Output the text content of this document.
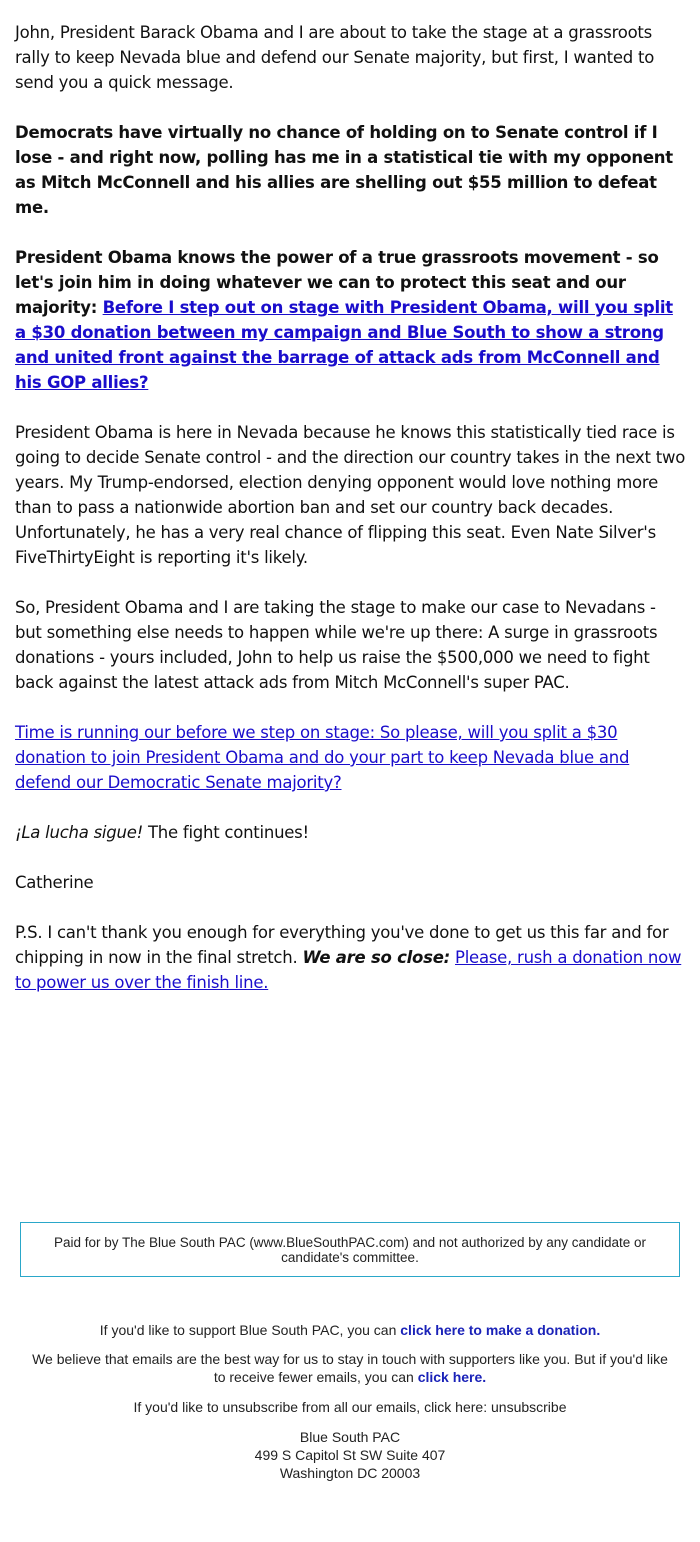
John, President Barack Obama and I are about to take the stage at a grassroots rally to keep Nevada blue and defend our Senate majority, but first, I wanted to send you a quick message.

Democrats have virtually no chance of holding on to Senate control if I lose - and right now, polling has me in a statistical tie with my opponent as Mitch McConnell and his allies are shelling out $55 million to defeat me.

President Obama knows the power of a true grassroots movement - so let's join him in doing whatever we can to protect this seat and our majority: Before I step out on stage with President Obama, will you split a $30 donation between my campaign and Blue South to show a strong and united front against the barrage of attack ads from McConnell and his GOP allies?

President Obama is here in Nevada because he knows this statistically tied race is going to decide Senate control - and the direction our country takes in the next two years. My Trump-endorsed, election denying opponent would love nothing more than to pass a nationwide abortion ban and set our country back decades. Unfortunately, he has a very real chance of flipping this seat. Even Nate Silver's FiveThirtyEight is reporting it's likely.

So, President Obama and I are taking the stage to make our case to Nevadans - but something else needs to happen while we're up there: A surge in grassroots donations - yours included, John to help us raise the $500,000 we need to fight back against the latest attack ads from Mitch McConnell's super PAC.

Time is running our before we step on stage: So please, will you split a $30 donation to join President Obama and do your part to keep Nevada blue and defend our Democratic Senate majority?

¡La lucha sigue! The fight continues!

Catherine

P.S. I can't thank you enough for everything you've done to get us this far and for chipping in now in the final stretch. We are so close: Please, rush a donation now to power us over the finish line.

Paid for by The Blue South PAC (www.BlueSouthPAC.com) and not authorized by any candidate or candidate's committee.

If you'd like to support Blue South PAC, you can click here to make a donation.

We believe that emails are the best way for us to stay in touch with supporters like you. But if you'd like to receive fewer emails, you can click here.

If you'd like to unsubscribe from all our emails, click here: unsubscribe

Blue South PAC
499 S Capitol St SW Suite 407
Washington DC 20003
